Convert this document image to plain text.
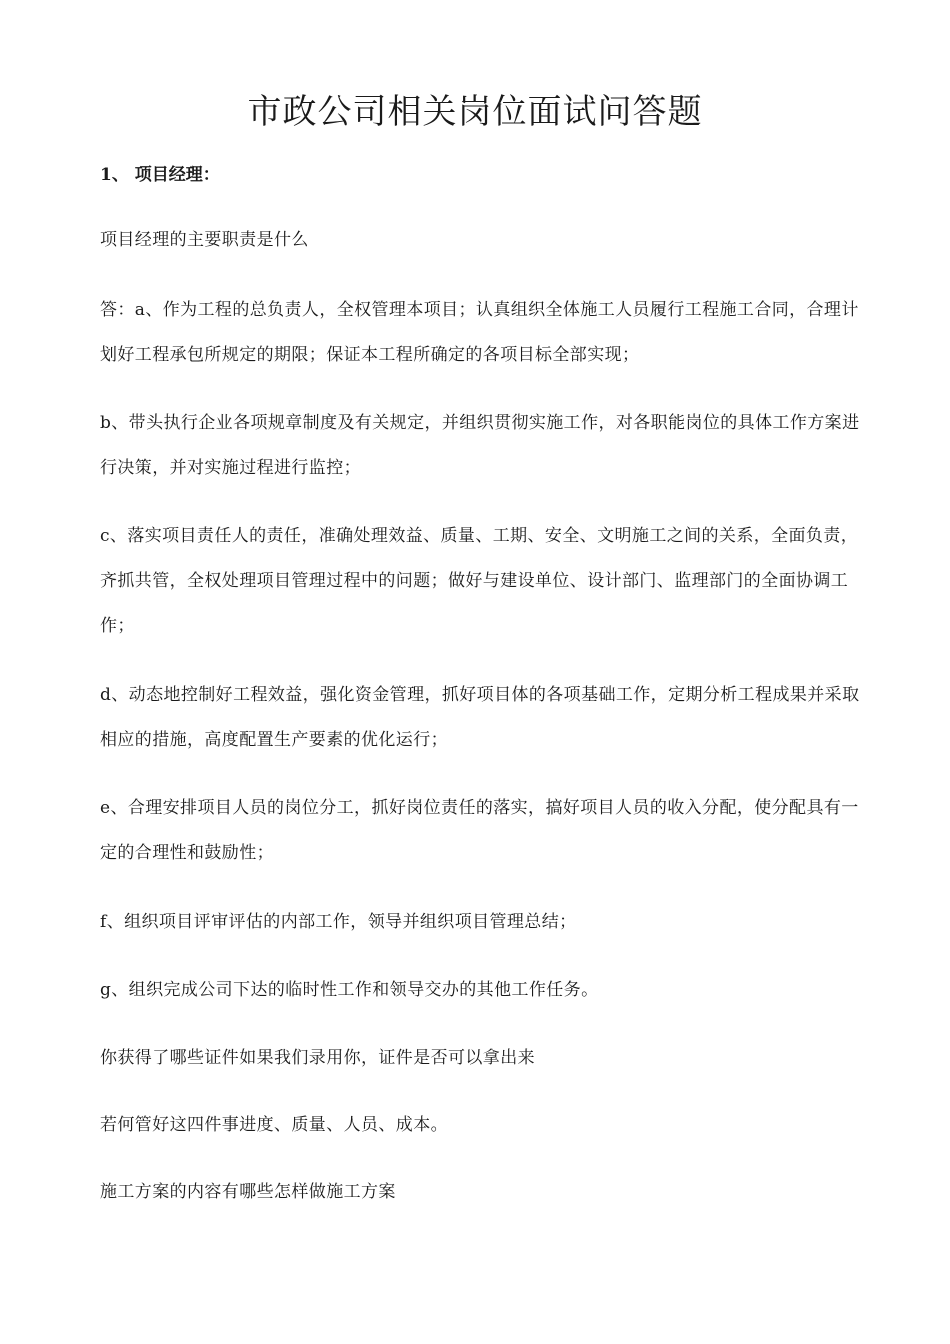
市政公司相关岗位面试问答题

1、 项目经理：

项目经理的主要职责是什么

答：a、作为工程的总负责人，全权管理本项目；认真组织全体施工人员履行工程施工合同，合理计划好工程承包所规定的期限；保证本工程所确定的各项目标全部实现；

b、带头执行企业各项规章制度及有关规定，并组织贯彻实施工作，对各职能岗位的具体工作方案进行决策，并对实施过程进行监控；

c、落实项目责任人的责任，准确处理效益、质量、工期、安全、文明施工之间的关系，全面负责，齐抓共管，全权处理项目管理过程中的问题；做好与建设单位、设计部门、监理部门的全面协调工作；

d、动态地控制好工程效益，强化资金管理，抓好项目体的各项基础工作，定期分析工程成果并采取相应的措施，高度配置生产要素的优化运行；

e、合理安排项目人员的岗位分工，抓好岗位责任的落实，搞好项目人员的收入分配，使分配具有一定的合理性和鼓励性；

f、组织项目评审评估的内部工作，领导并组织项目管理总结；

g、组织完成公司下达的临时性工作和领导交办的其他工作任务。

你获得了哪些证件如果我们录用你，证件是否可以拿出来

若何管好这四件事进度、质量、人员、成本。

施工方案的内容有哪些怎样做施工方案
